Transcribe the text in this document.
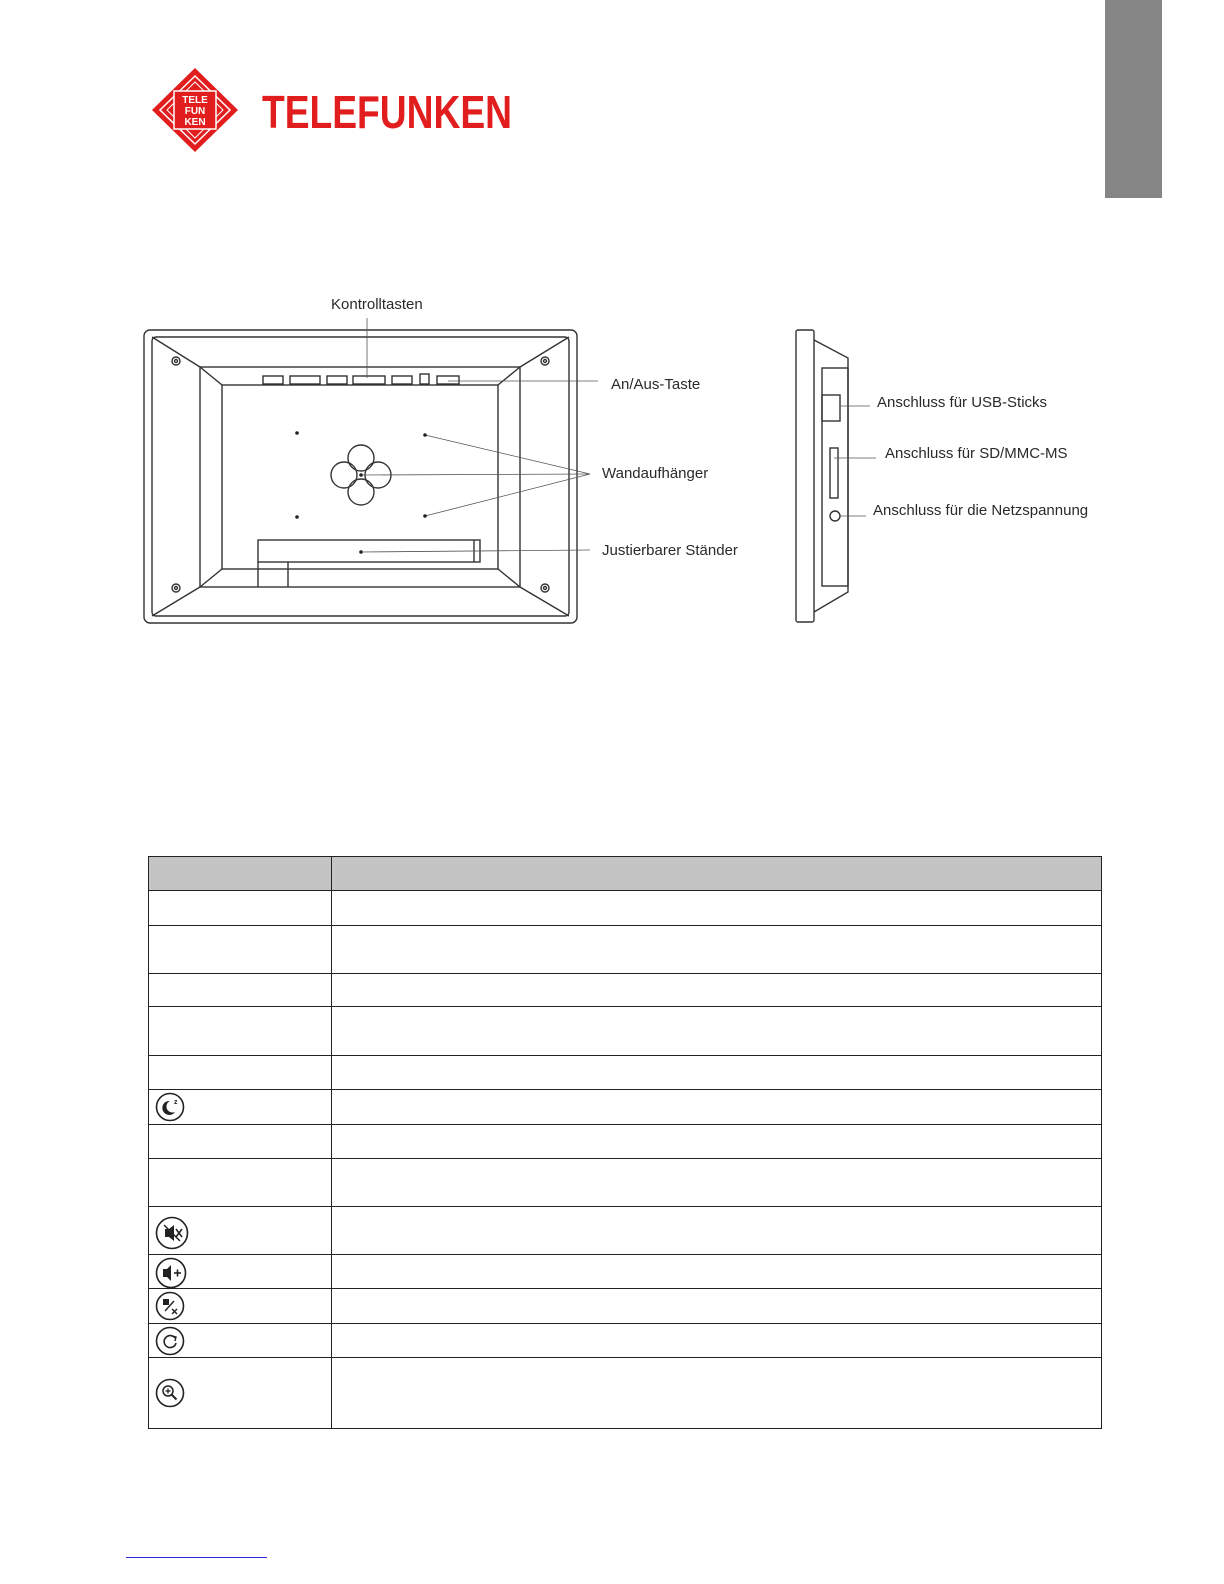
TELE
FUN
KEN TELEFUNKEN
Kontrolltasten
An/Aus-Taste
Wandaufhänger
Justierbarer Ständer
Anschluss für USB-Sticks
Anschluss für SD/MMC-MS
Anschluss für die Netzspannung

z	
